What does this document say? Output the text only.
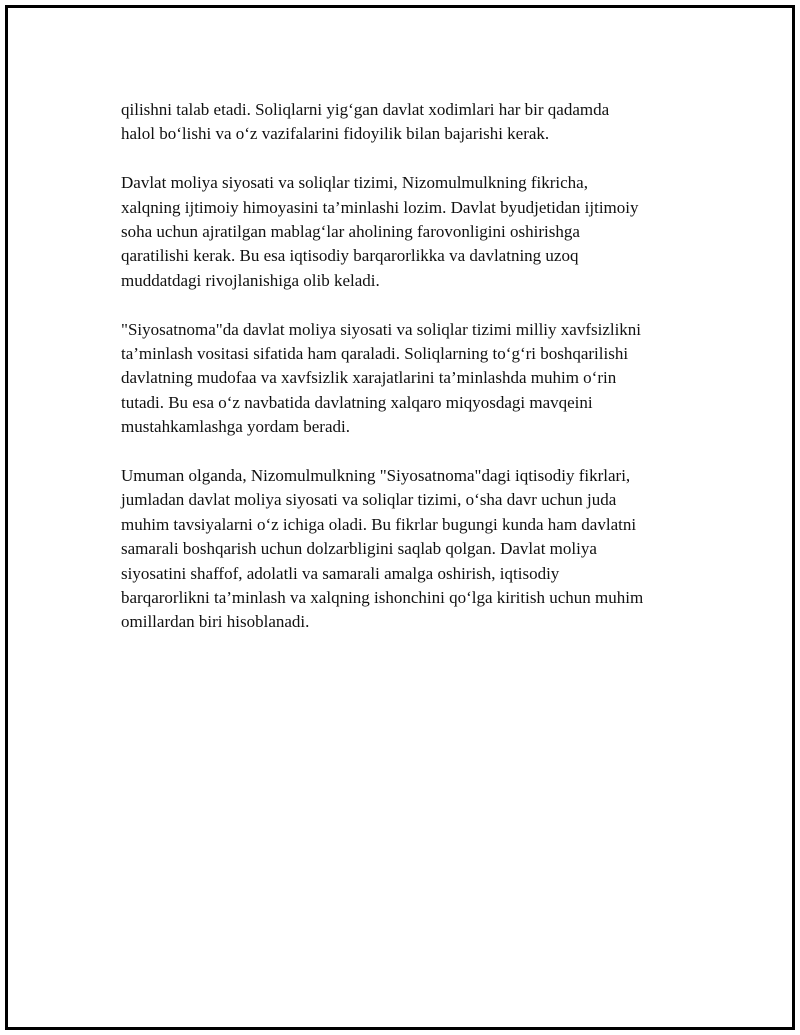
qilishni talab etadi. Soliqlarni yig‘gan davlat xodimlari har bir qadamda
halol bo‘lishi va o‘z vazifalarini fidoyilik bilan bajarishi kerak.

Davlat moliya siyosati va soliqlar tizimi, Nizomulmulkning fikricha,
xalqning ijtimoiy himoyasini ta’minlashi lozim. Davlat byudjetidan ijtimoiy
soha uchun ajratilgan mablag‘lar aholining farovonligini oshirishga
qaratilishi kerak. Bu esa iqtisodiy barqarorlikka va davlatning uzoq
muddatdagi rivojlanishiga olib keladi.

"Siyosatnoma"da davlat moliya siyosati va soliqlar tizimi milliy xavfsizlikni
ta’minlash vositasi sifatida ham qaraladi. Soliqlarning to‘g‘ri boshqarilishi
davlatning mudofaa va xavfsizlik xarajatlarini ta’minlashda muhim o‘rin
tutadi. Bu esa o‘z navbatida davlatning xalqaro miqyosdagi mavqeini
mustahkamlashga yordam beradi.

Umuman olganda, Nizomulmulkning "Siyosatnoma"dagi iqtisodiy fikrlari,
jumladan davlat moliya siyosati va soliqlar tizimi, o‘sha davr uchun juda
muhim tavsiyalarni o‘z ichiga oladi. Bu fikrlar bugungi kunda ham davlatni
samarali boshqarish uchun dolzarbligini saqlab qolgan. Davlat moliya
siyosatini shaffof, adolatli va samarali amalga oshirish, iqtisodiy
barqarorlikni ta’minlash va xalqning ishonchini qo‘lga kiritish uchun muhim
omillardan biri hisoblanadi.
